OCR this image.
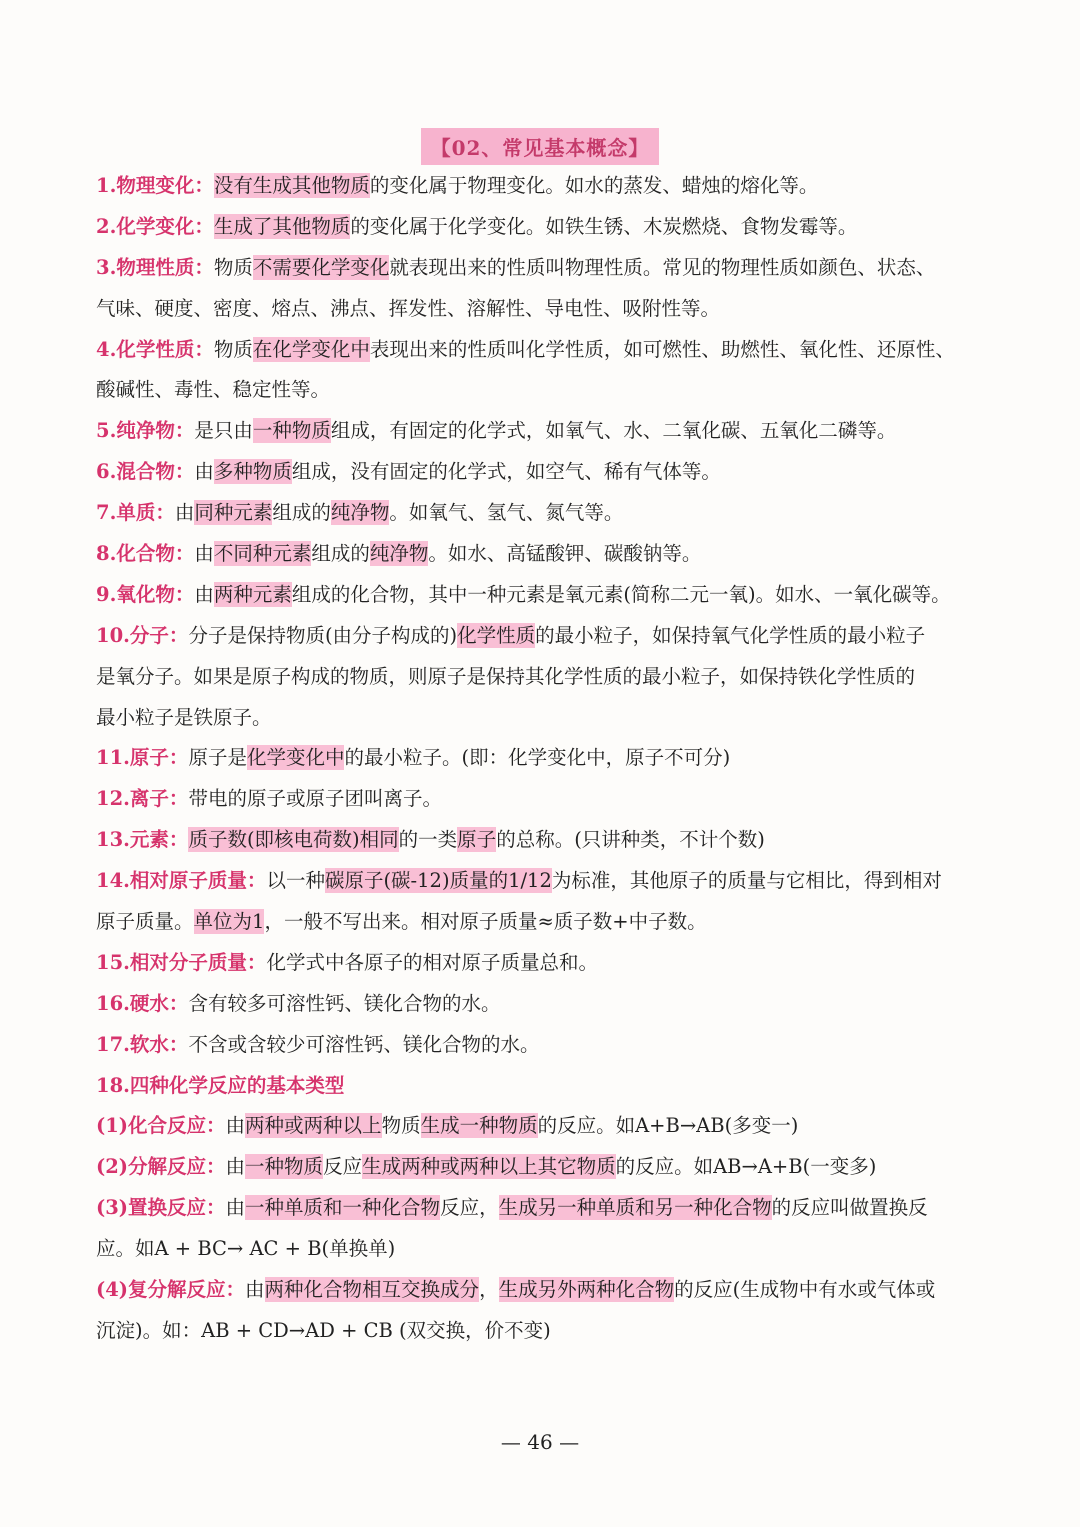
【02、常见基本概念】
1.物理变化：没有生成其他物质的变化属于物理变化。如水的蒸发、蜡烛的熔化等。
2.化学变化：生成了其他物质的变化属于化学变化。如铁生锈、木炭燃烧、食物发霉等。
3.物理性质：物质不需要化学变化就表现出来的性质叫物理性质。常见的物理性质如颜色、状态、
气味、硬度、密度、熔点、沸点、挥发性、溶解性、导电性、吸附性等。
4.化学性质：物质在化学变化中表现出来的性质叫化学性质，如可燃性、助燃性、氧化性、还原性、
酸碱性、毒性、稳定性等。
5.纯净物：是只由一种物质组成，有固定的化学式，如氧气、水、二氧化碳、五氧化二磷等。
6.混合物：由多种物质组成，没有固定的化学式，如空气、稀有气体等。
7.单质：由同种元素组成的纯净物。如氧气、氢气、氮气等。
8.化合物：由不同种元素组成的纯净物。如水、高锰酸钾、碳酸钠等。
9.氧化物：由两种元素组成的化合物，其中一种元素是氧元素(简称二元一氧)。如水、一氧化碳等。
10.分子：分子是保持物质(由分子构成的)化学性质的最小粒子，如保持氧气化学性质的最小粒子
是氧分子。如果是原子构成的物质，则原子是保持其化学性质的最小粒子，如保持铁化学性质的
最小粒子是铁原子。
11.原子：原子是化学变化中的最小粒子。(即：化学变化中，原子不可分)
12.离子：带电的原子或原子团叫离子。
13.元素：质子数(即核电荷数)相同的一类原子的总称。(只讲种类，不计个数)
14.相对原子质量：以一种碳原子(碳-12)质量的1/12为标准，其他原子的质量与它相比，得到相对
原子质量。单位为1，一般不写出来。相对原子质量≈质子数+中子数。
15.相对分子质量：化学式中各原子的相对原子质量总和。
16.硬水：含有较多可溶性钙、镁化合物的水。
17.软水：不含或含较少可溶性钙、镁化合物的水。
18.四种化学反应的基本类型
(1)化合反应：由两种或两种以上物质生成一种物质的反应。如A+B→AB(多变一)
(2)分解反应：由一种物质反应生成两种或两种以上其它物质的反应。如AB→A+B(一变多)
(3)置换反应：由一种单质和一种化合物反应，生成另一种单质和另一种化合物的反应叫做置换反
应。如A + BC→ AC + B(单换单)
(4)复分解反应：由两种化合物相互交换成分，生成另外两种化合物的反应(生成物中有水或气体或
沉淀)。如：AB + CD→AD + CB (双交换，价不变)
— 46 —
